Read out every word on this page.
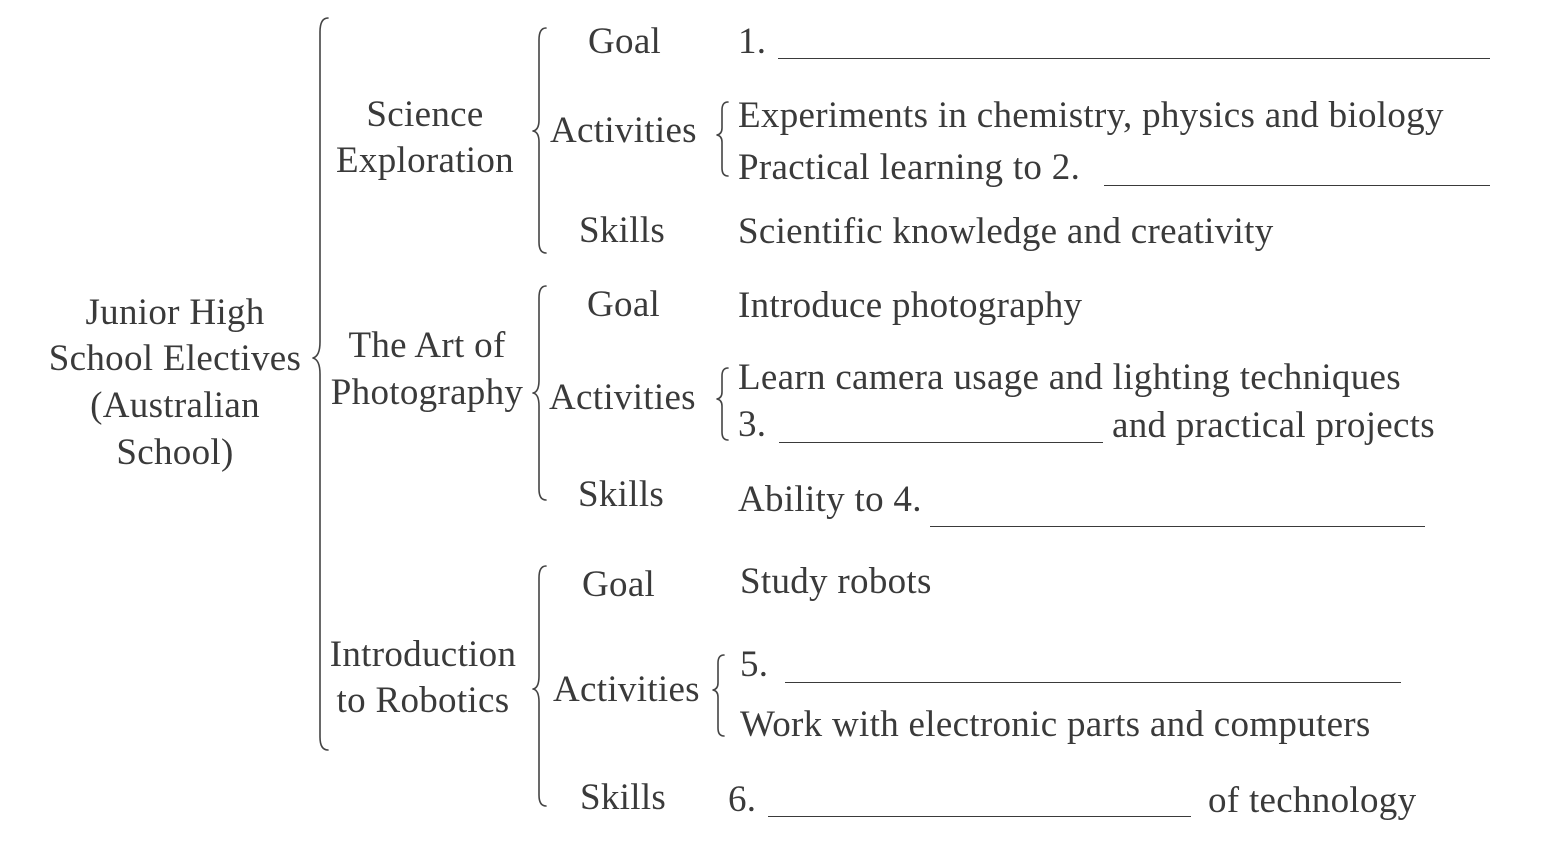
Junior High
School Electives
(Australian
School)
Science
Exploration
Goal 1.
Activities Experiments in chemistry, physics and biology
Practical learning to 2.
Skills Scientific knowledge and creativity
The Art of
Photography
Goal Introduce photography
Activities Learn camera usage and lighting techniques
3.	and practical projects
Skills Ability to 4.
Introduction
to Robotics
Goal Study robots
Activities
5.
Work with electronic parts and computers
Skills 6.	of technology
